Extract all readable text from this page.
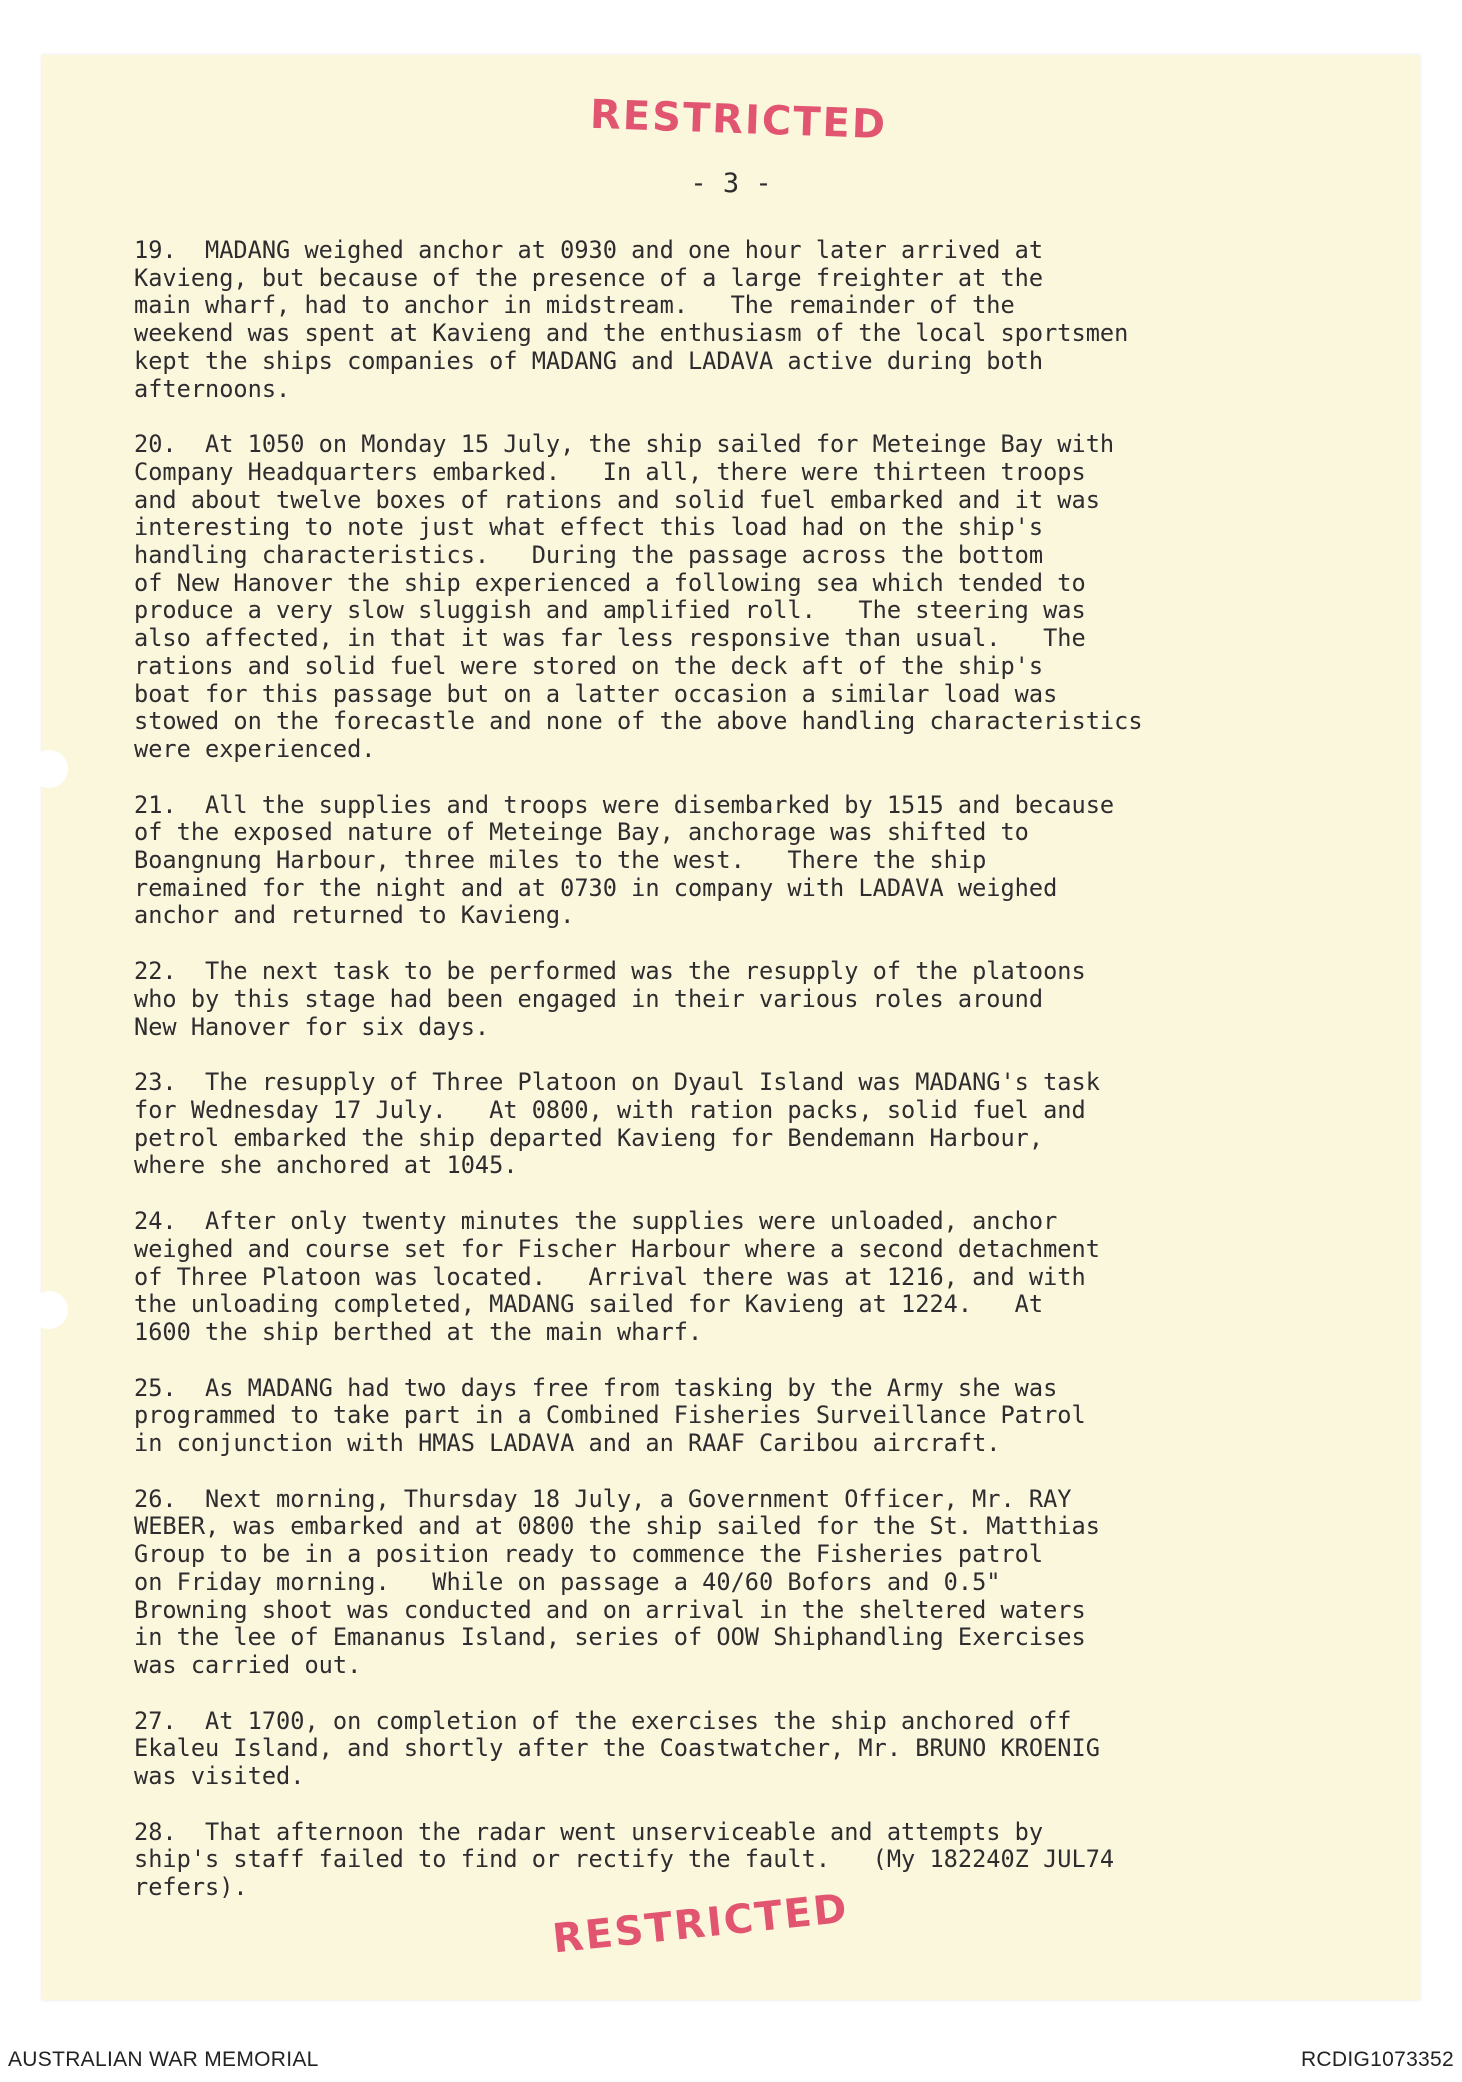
RESTRICTED

- 3 -

19.  MADANG weighed anchor at 0930 and one hour later arrived at

Kavieng, but because of the presence of a large freighter at the

main wharf, had to anchor in midstream.   The remainder of the

weekend was spent at Kavieng and the enthusiasm of the local sportsmen

kept the ships companies of MADANG and LADAVA active during both

afternoons.

20.  At 1050 on Monday 15 July, the ship sailed for Meteinge Bay with

Company Headquarters embarked.   In all, there were thirteen troops

and about twelve boxes of rations and solid fuel embarked and it was

interesting to note just what effect this load had on the ship's

handling characteristics.   During the passage across the bottom

of New Hanover the ship experienced a following sea which tended to

produce a very slow sluggish and amplified roll.   The steering was

also affected, in that it was far less responsive than usual.   The

rations and solid fuel were stored on the deck aft of the ship's

boat for this passage but on a latter occasion a similar load was

stowed on the forecastle and none of the above handling characteristics

were experienced.

21.  All the supplies and troops were disembarked by 1515 and because

of the exposed nature of Meteinge Bay, anchorage was shifted to

Boangnung Harbour, three miles to the west.   There the ship

remained for the night and at 0730 in company with LADAVA weighed

anchor and returned to Kavieng.

22.  The next task to be performed was the resupply of the platoons

who by this stage had been engaged in their various roles around

New Hanover for six days.

23.  The resupply of Three Platoon on Dyaul Island was MADANG's task

for Wednesday 17 July.   At 0800, with ration packs, solid fuel and

petrol embarked the ship departed Kavieng for Bendemann Harbour,

where she anchored at 1045.

24.  After only twenty minutes the supplies were unloaded, anchor

weighed and course set for Fischer Harbour where a second detachment

of Three Platoon was located.   Arrival there was at 1216, and with

the unloading completed, MADANG sailed for Kavieng at 1224.   At

1600 the ship berthed at the main wharf.

25.  As MADANG had two days free from tasking by the Army she was

programmed to take part in a Combined Fisheries Surveillance Patrol

in conjunction with HMAS LADAVA and an RAAF Caribou aircraft.

26.  Next morning, Thursday 18 July, a Government Officer, Mr. RAY

WEBER, was embarked and at 0800 the ship sailed for the St. Matthias

Group to be in a position ready to commence the Fisheries patrol

on Friday morning.   While on passage a 40/60 Bofors and 0.5"

Browning shoot was conducted and on arrival in the sheltered waters

in the lee of Emananus Island, series of OOW Shiphandling Exercises

was carried out.

27.  At 1700, on completion of the exercises the ship anchored off

Ekaleu Island, and shortly after the Coastwatcher, Mr. BRUNO KROENIG

was visited.

28.  That afternoon the radar went unserviceable and attempts by

ship's staff failed to find or rectify the fault.   (My 182240Z JUL74

refers).	RESTRICTED

AUSTRALIAN WAR MEMORIAL	RCDIG1073352
